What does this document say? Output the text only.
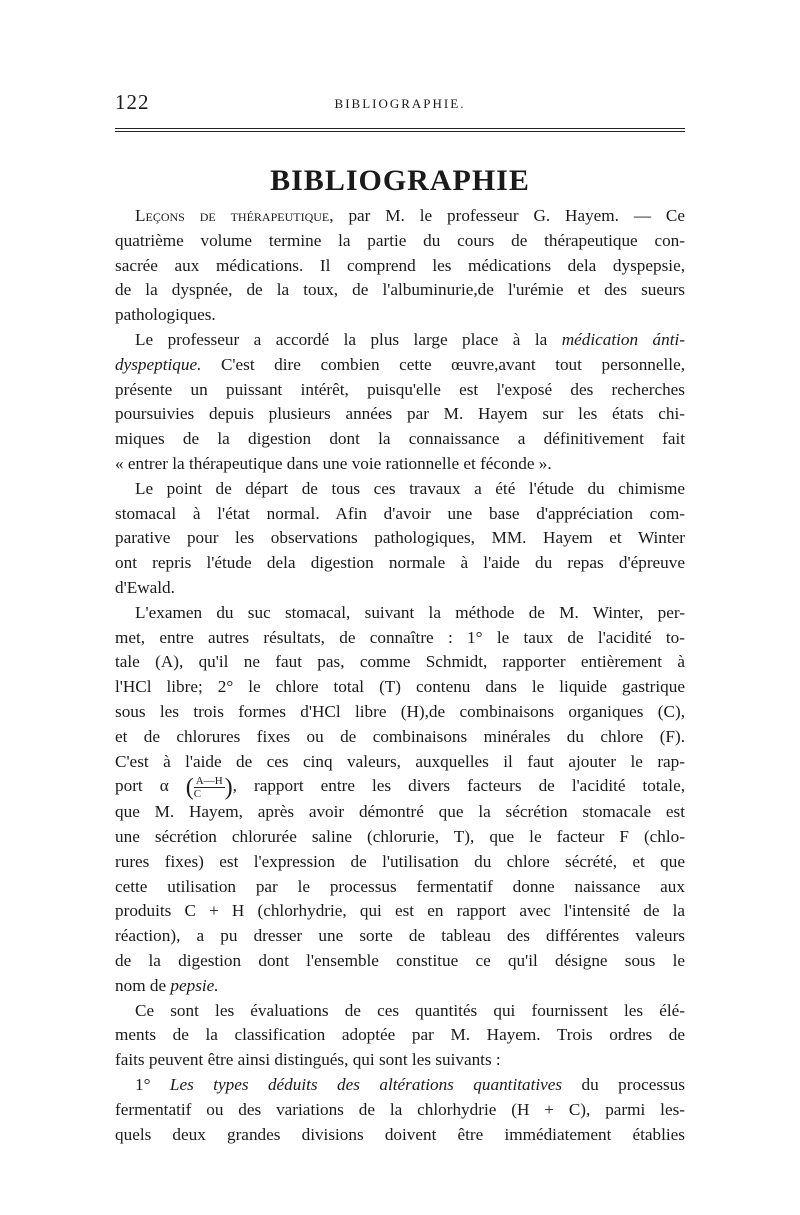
122	BIBLIOGRAPHIE.
BIBLIOGRAPHIE
Leçons de thérapeutique, par M. le professeur G. Hayem. — Ce
quatrième volume termine la partie du cours de thérapeutique con-
sacrée aux médications. Il comprend les médications dela dyspepsie,
de la dyspnée, de la toux, de l'albuminurie,de l'urémie et des sueurs
pathologiques.
Le professeur a accordé la plus large place à la médication ánti-
dyspeptique. C'est dire combien cette œuvre,avant tout personnelle,
présente un puissant intérêt, puisqu'elle est l'exposé des recherches
poursuivies depuis plusieurs années par M. Hayem sur les états chi-
miques de la digestion dont la connaissance a définitivement fait
« entrer la thérapeutique dans une voie rationnelle et féconde ».
Le point de départ de tous ces travaux a été l'étude du chimisme
stomacal à l'état normal. Afin d'avoir une base d'appréciation com-
parative pour les observations pathologiques, MM. Hayem et Winter
ont repris l'étude dela digestion normale à l'aide du repas d'épreuve
d'Ewald.
L'examen du suc stomacal, suivant la méthode de M. Winter, per-
met, entre autres résultats, de connaître : 1° le taux de l'acidité to-
tale (A), qu'il ne faut pas, comme Schmidt, rapporter entièrement à
l'HCl libre; 2° le chlore total (T) contenu dans le liquide gastrique
sous les trois formes d'HCl libre (H),de combinaisons organiques (C),
et de chlorures fixes ou de combinaisons minérales du chlore (F).
C'est à l'aide de ces cinq valeurs, auxquelles il faut ajouter le rap-
port α ( $\frac{A—H}{C}$ ), rapport entre les divers facteurs de l'acidité totale,
que M. Hayem, après avoir démontré que la sécrétion stomacale est
une sécrétion chlorurée saline (chlorurie, T), que le facteur F (chlo-
rures fixes) est l'expression de l'utilisation du chlore sécrété, et que
cette utilisation par le processus fermentatif donne naissance aux
produits C + H (chlorhydrie, qui est en rapport avec l'intensité de la
réaction), a pu dresser une sorte de tableau des différentes valeurs
de la digestion dont l'ensemble constitue ce qu'il désigne sous le
nom de pepsie.
Ce sont les évaluations de ces quantités qui fournissent les élé-
ments de la classification adoptée par M. Hayem. Trois ordres de
faits peuvent être ainsi distingués, qui sont les suivants :
1° Les types déduits des altérations quantitatives du processus
fermentatif ou des variations de la chlorhydrie (H + C), parmi les-
quels deux grandes divisions doivent être immédiatement établies
